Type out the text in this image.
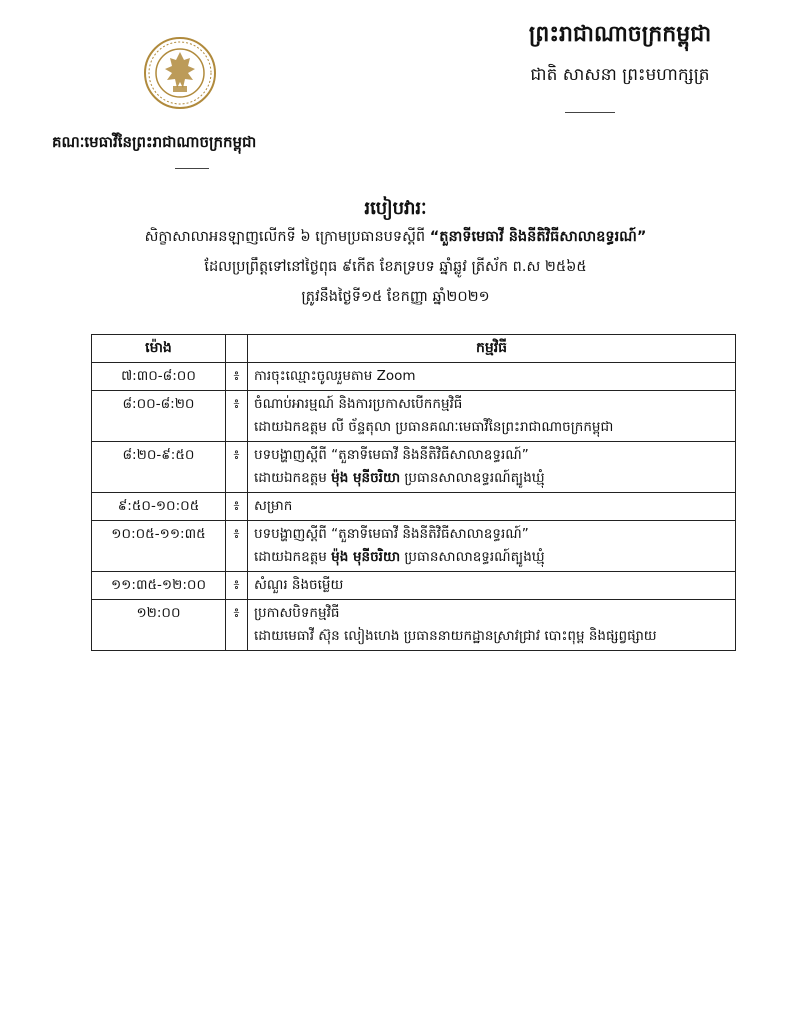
គណៈមេធាវីនៃព្រះរាជាណាចក្រកម្ពុជា
ព្រះរាជាណាចក្រកម្ពុជា
ជាតិ សាសនា ព្រះមហាក្សត្រ
របៀបវារៈ
សិក្ខាសាលាអនឡាញលើកទី ៦ ក្រោមប្រធានបទស្តីពី “តួនាទីមេធាវី និងនីតិវិធីសាលាឧទ្ធរណ៍”
ដែលប្រព្រឹត្តទៅនៅថ្ងៃពុធ ៩កើត ខែភទ្របទ ឆ្នាំឆ្លូវ ត្រីស័ក ព.ស ២៥៦៥
ត្រូវនឹងថ្ងៃទី១៥ ខែកញ្ញា ឆ្នាំ២០២១
ម៉ោង		កម្មវិធី
៧:៣០-៨:០០	៖	ការចុះឈ្មោះចូលរួមតាម Zoom

៨:០០-៨:២០	៖	ចំណាប់អារម្មណ៍ និងការប្រកាសបើកកម្មវិធី
ដោយឯកឧត្តម លី ច័ន្ទតុលា ប្រធានគណៈមេធាវីនៃព្រះរាជាណាចក្រកម្ពុជា

៨:២០-៩:៥០	៖	បទបង្ហាញស្តីពី “តួនាទីមេធាវី និងនីតិវិធីសាលាឧទ្ធរណ៍”
ដោយឯកឧត្តម ម៉ុង មុនីចរិយា ប្រធានសាលាឧទ្ធរណ៍ត្បូងឃ្មុំ

៩:៥០-១០:០៥	៖	សម្រាក

១០:០៥-១១:៣៥	៖	បទបង្ហាញស្តីពី “តួនាទីមេធាវី និងនីតិវិធីសាលាឧទ្ធរណ៍”
ដោយឯកឧត្តម ម៉ុង មុនីចរិយា ប្រធានសាលាឧទ្ធរណ៍ត្បូងឃ្មុំ

១១:៣៥-១២:០០	៖	សំណួរ និងចម្លើយ

១២:០០	៖	ប្រកាសបិទកម្មវិធី
ដោយមេធាវី ស៊ុន លៀងហេង ប្រធាននាយកដ្ឋានស្រាវជ្រាវ បោះពុម្ព និងផ្សព្វផ្សាយ
